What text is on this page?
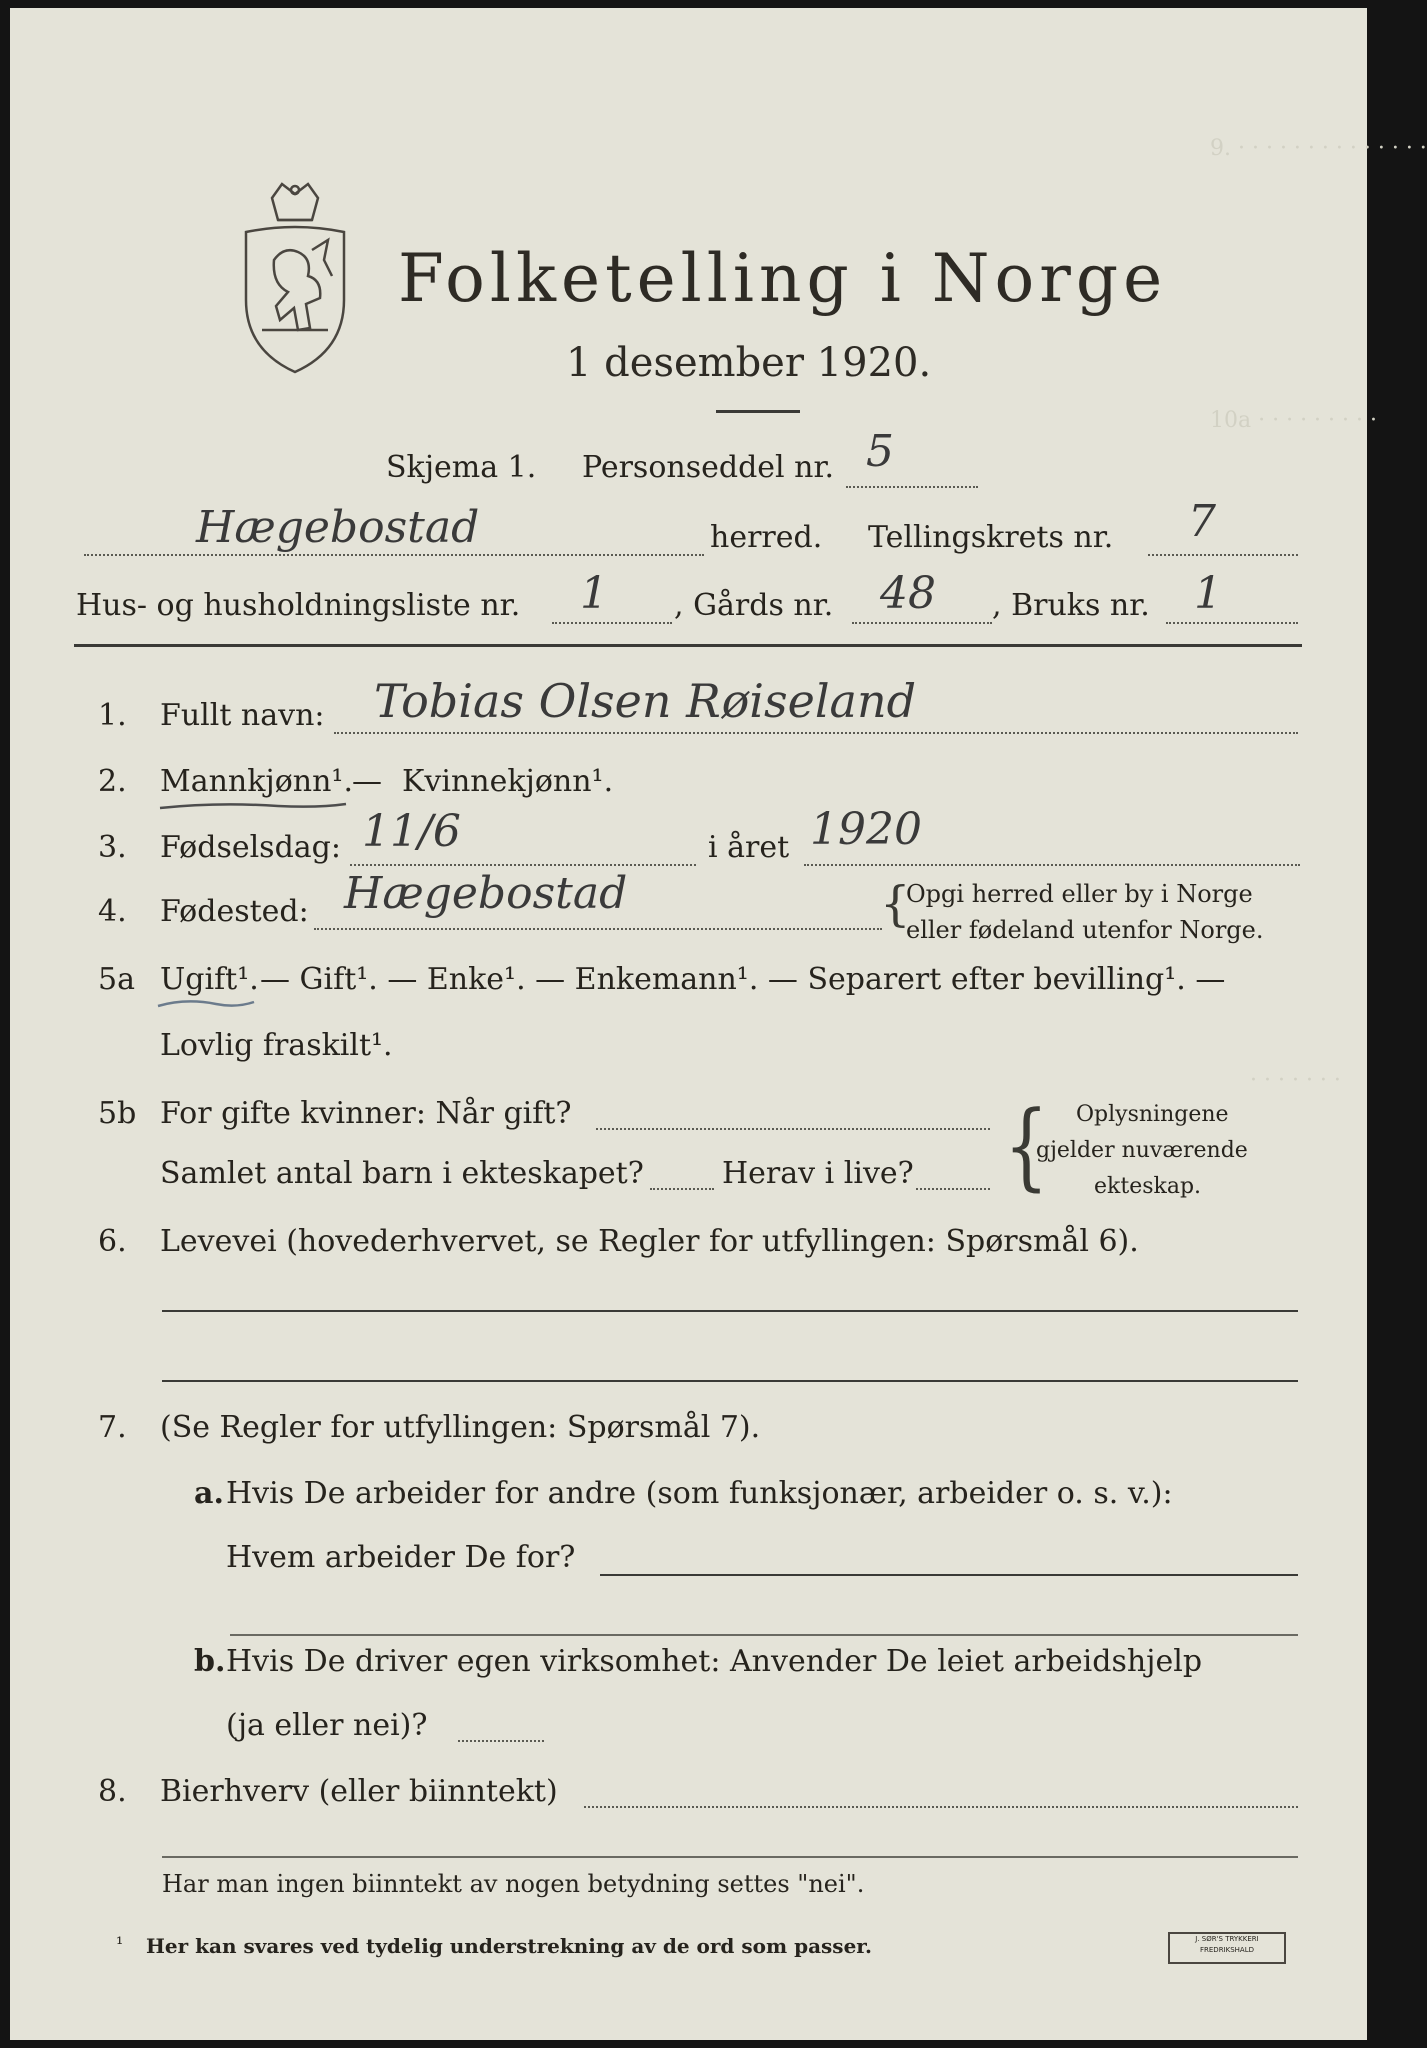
9. · · · · · · · · · · · · · ·
10a · · · · · · · · ·
· · · · · · ·
Folketelling i Norge
1 desember 1920.
Skjema 1. Personseddel nr. 5
Hægebostad	herred. Tellingskrets nr. 7
Hus- og husholdningsliste nr. 1 , Gårds nr. 48 , Bruks nr. 1
1. Fullt navn: Tobias Olsen Røiseland
2. Mannkjønn¹. — Kvinnekjønn¹.
3. Fødselsdag: 11/6	i året 1920
4. Fødested: Hægebostad	{
Opgi herred eller by i Norge
eller fødeland utenfor Norge.
5a Ugift¹. — Gift¹. — Enke¹. — Enkemann¹. — Separert efter bevilling¹. —
Lovlig fraskilt¹.
5b For gifte kvinner: Når gift?
Samlet antal barn i ekteskapet?	Herav i live? { Oplysningene
gjelder nuværende
ekteskap.
6. Levevei (hovederhvervet, se Regler for utfyllingen: Spørsmål 6).
7. (Se Regler for utfyllingen: Spørsmål 7).
a. Hvis De arbeider for andre (som funksjonær, arbeider o. s. v.):
Hvem arbeider De for?
b. Hvis De driver egen virksomhet: Anvender De leiet arbeidshjelp
(ja eller nei)?
8. Bierhverv (eller biinntekt)
Har man ingen biinntekt av nogen betydning settes "nei".
¹ Her kan svares ved tydelig understrekning av de ord som passer.	J. SØR'S TRYKKERI
FREDRIKSHALD
